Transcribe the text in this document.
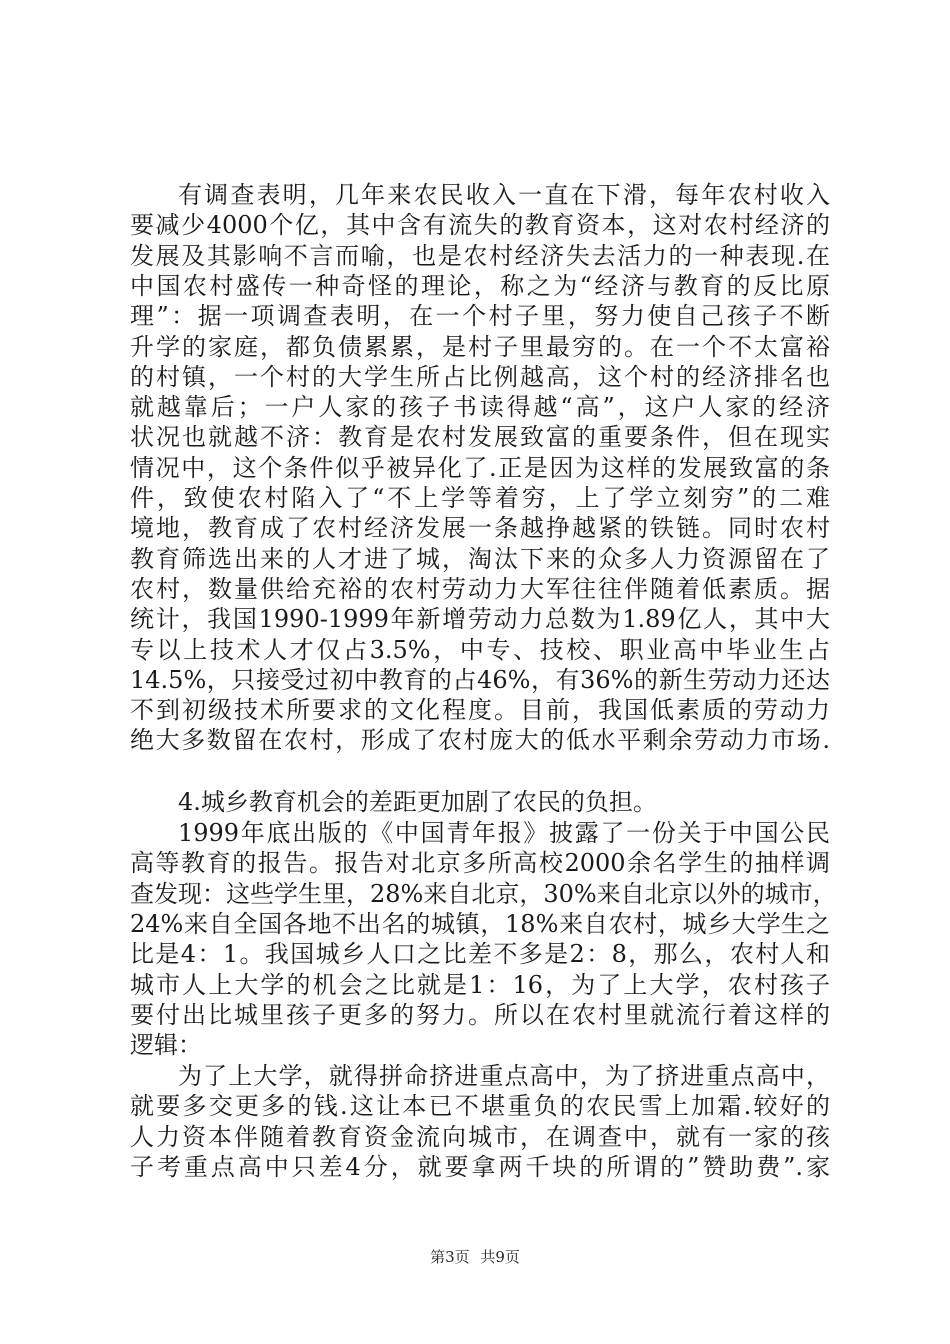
有调查表明，几年来农民收入一直在下滑，每年农村收入
要减少4000个亿，其中含有流失的教育资本，这对农村经济的
发展及其影响不言而喻，也是农村经济失去活力的一种表现.在
中国农村盛传一种奇怪的理论，称之为“经济与教育的反比原
理”：据一项调查表明，在一个村子里，努力使自己孩子不断
升学的家庭，都负债累累，是村子里最穷的。在一个不太富裕
的村镇，一个村的大学生所占比例越高，这个村的经济排名也
就越靠后；一户人家的孩子书读得越“高”，这户人家的经济
状况也就越不济：教育是农村发展致富的重要条件，但在现实
情况中，这个条件似乎被异化了.正是因为这样的发展致富的条
件，致使农村陷入了“不上学等着穷，上了学立刻穷”的二难
境地，教育成了农村经济发展一条越挣越紧的铁链。同时农村
教育筛选出来的人才进了城，淘汰下来的众多人力资源留在了
农村，数量供给充裕的农村劳动力大军往往伴随着低素质。据
统计，我国1990-1999年新增劳动力总数为1.89亿人，其中大
专以上技术人才仅占3.5%，中专、技校、职业高中毕业生占
14.5%，只接受过初中教育的占46%，有36%的新生劳动力还达
不到初级技术所要求的文化程度。目前，我国低素质的劳动力
绝大多数留在农村，形成了农村庞大的低水平剩余劳动力市场.
4.城乡教育机会的差距更加剧了农民的负担。
1999年底出版的《中国青年报》披露了一份关于中国公民
高等教育的报告。报告对北京多所高校2000余名学生的抽样调
查发现：这些学生里，28%来自北京，30%来自北京以外的城市，
24%来自全国各地不出名的城镇，18%来自农村，城乡大学生之
比是4：1。我国城乡人口之比差不多是2：8，那么，农村人和
城市人上大学的机会之比就是1：16，为了上大学，农村孩子
要付出比城里孩子更多的努力。所以在农村里就流行着这样的
逻辑：
为了上大学，就得拼命挤进重点高中，为了挤进重点高中，
就要多交更多的钱.这让本已不堪重负的农民雪上加霜.较好的
人力资本伴随着教育资金流向城市，在调查中，就有一家的孩
子考重点高中只差4分，就要拿两千块的所谓的”赞助费”.家
第3页 共9页
